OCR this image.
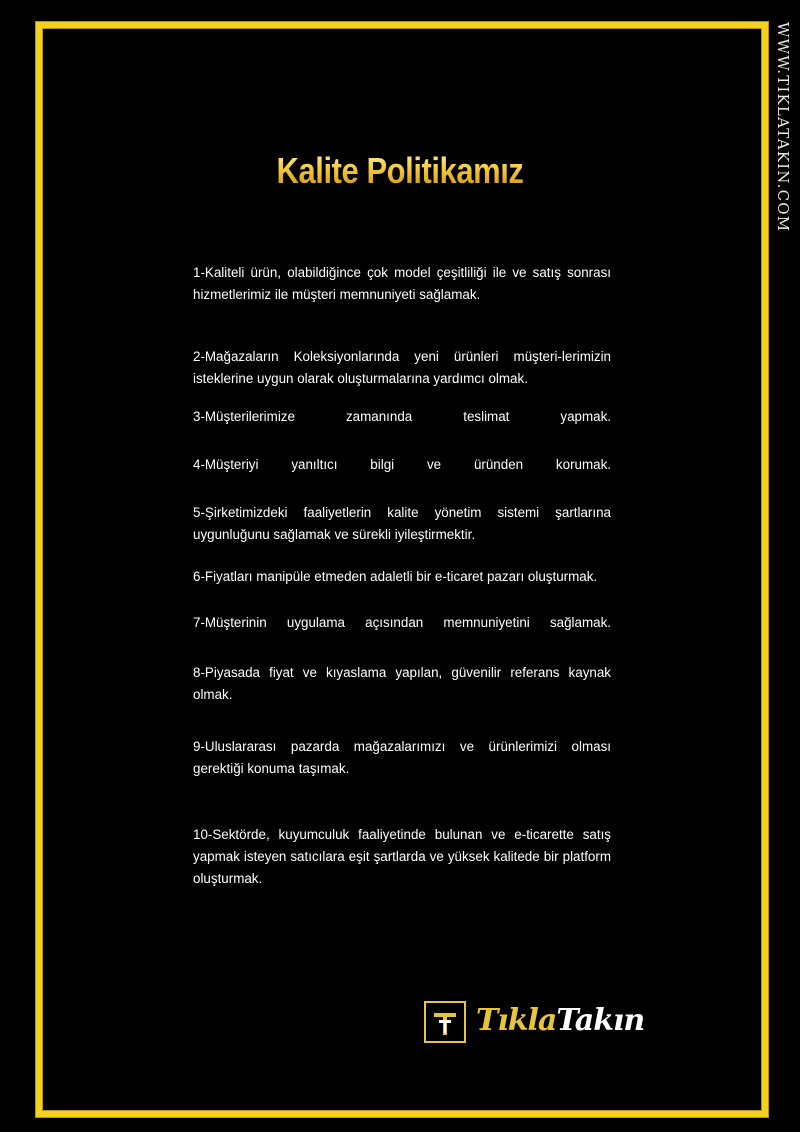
WWW.TIKLATAKIN.COM
Kalite Politikamız
1-Kaliteli ürün, olabildiğince çok model çeşitliliği ile ve satış sonrası hizmetlerimiz ile müşteri memnuniyeti sağlamak.
2-Mağazaların Koleksiyonlarında yeni ürünleri müşteri-lerimizin isteklerine uygun olarak oluşturmalarına yardımcı olmak.
3-Müşterilerimize zamanında teslimat yapmak.
4-Müşteriyi yanıltıcı bilgi ve üründen korumak.
5-Şirketimizdeki faaliyetlerin kalite yönetim sistemi şartlarına uygunluğunu sağlamak ve sürekli iyileştirmektir.
6-Fiyatları manipüle etmeden adaletli bir e-ticaret pazarı oluşturmak.
7-Müşterinin uygulama açısından memnuniyetini sağlamak.
8-Piyasada fiyat ve kıyaslama yapılan, güvenilir referans kaynak olmak.
9-Uluslararası pazarda mağazalarımızı ve ürünlerimizi olması gerektiği konuma taşımak.
10-Sektörde, kuyumculuk faaliyetinde bulunan ve e-ticarette satış yapmak isteyen satıcılara eşit şartlarda ve yüksek kalitede bir platform oluşturmak.
TıklaTakın
